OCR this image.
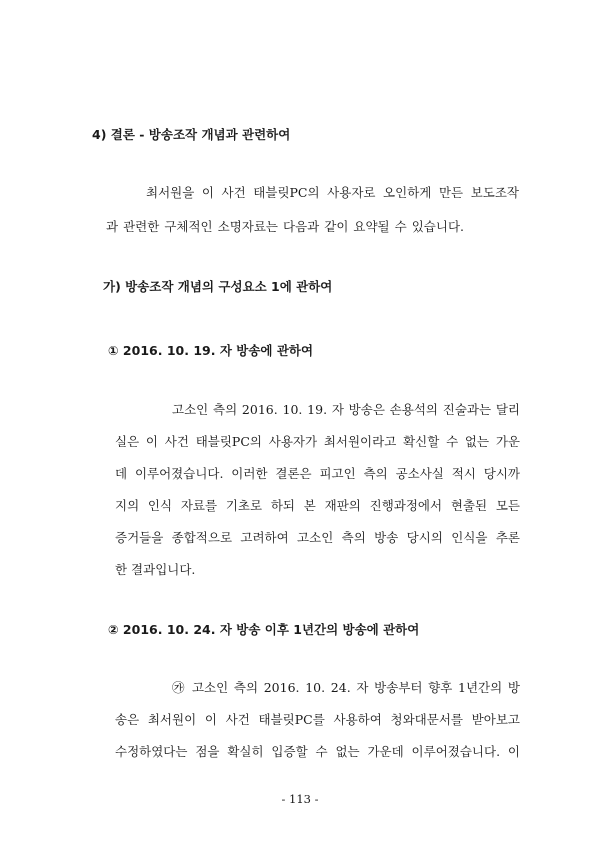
4) 결론 - 방송조작 개념과 관련하여
최서원을 이 사건 태블릿PC의 사용자로 오인하게 만든 보도조작
과 관련한 구체적인 소명자료는 다음과 같이 요약될 수 있습니다.
가) 방송조작 개념의 구성요소 1에 관하여
① 2016. 10. 19. 자 방송에 관하여
고소인 측의 2016. 10. 19. 자 방송은 손용석의 진술과는 달리
실은 이 사건 태블릿PC의 사용자가 최서원이라고 확신할 수 없는 가운
데 이루어졌습니다. 이러한 결론은 피고인 측의 공소사실 적시 당시까
지의 인식 자료를 기초로 하되 본 재판의 진행과정에서 현출된 모든
증거들을 종합적으로 고려하여 고소인 측의 방송 당시의 인식을 추론
한 결과입니다.
② 2016. 10. 24. 자 방송 이후 1년간의 방송에 관하여
㉮ 고소인 측의 2016. 10. 24. 자 방송부터 향후 1년간의 방
송은 최서원이 이 사건 태블릿PC를 사용하여 청와대문서를 받아보고
수정하였다는 점을 확실히 입증할 수 없는 가운데 이루어졌습니다. 이
- 113 -
